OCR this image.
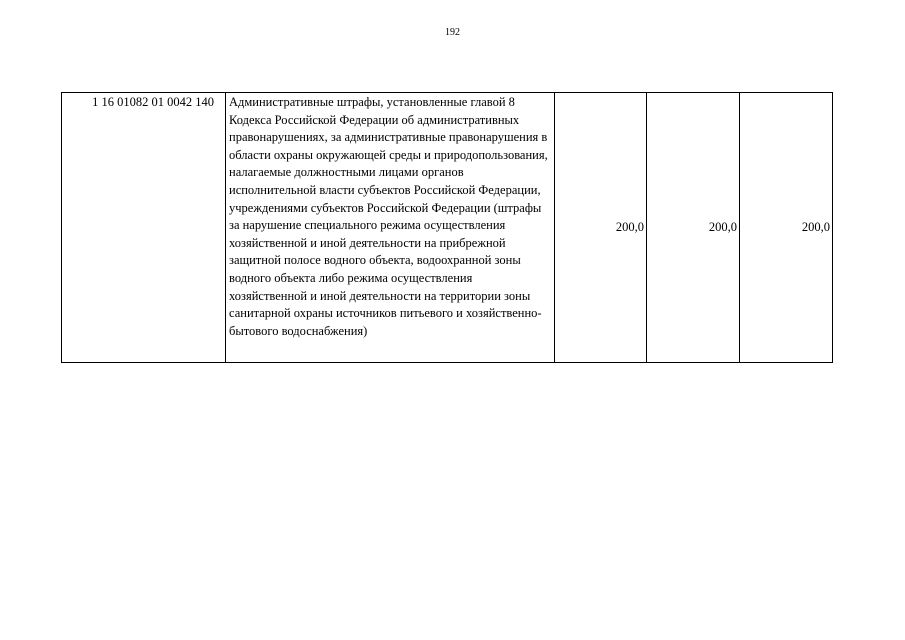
192
1 16 01082 01 0042 140	Административные штрафы, установленные главой 8 Кодекса Российской Федерации об административных правонарушениях, за административные правонарушения в области охраны окружающей среды и природопользования, налагаемые должностными лицами органов исполнительной власти субъектов Российской Федерации, учреждениями субъектов Российской Федерации (штрафы за нарушение специального режима осуществления хозяйственной и иной деятельности на прибрежной защитной полосе водного объекта, водоохранной зоны водного объекта либо режима осуществления хозяйственной и иной деятельности на территории зоны санитарной охраны источников питьевого и хозяйственно-бытового водоснабжения)	200,0	200,0	200,0
